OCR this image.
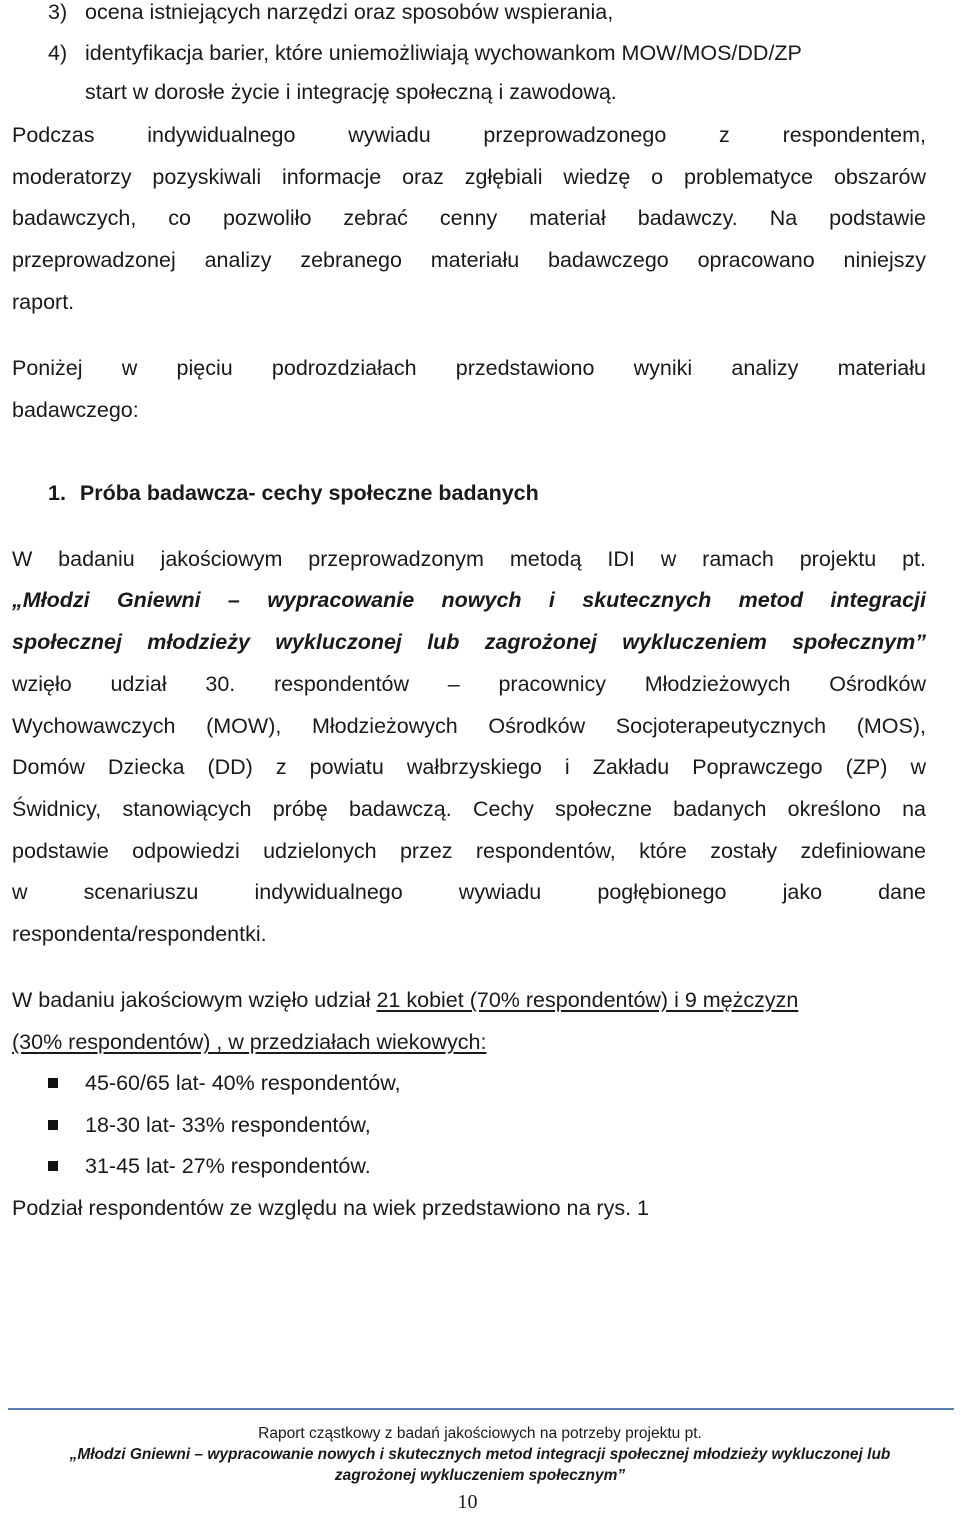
3) ocena istniejących narzędzi oraz sposobów wspierania,
4) identyfikacja barier, które uniemożliwiają wychowankom MOW/MOS/DD/ZP
start w dorosłe życie i integrację społeczną i zawodową.
Podczas indywidualnego wywiadu przeprowadzonego z respondentem,
moderatorzy pozyskiwali informacje oraz zgłębiali wiedzę o problematyce obszarów
badawczych, co pozwoliło zebrać cenny materiał badawczy. Na podstawie
przeprowadzonej analizy zebranego materiału badawczego opracowano niniejszy
raport.
Poniżej w pięciu podrozdziałach przedstawiono wyniki analizy materiału
badawczego:
1. Próba badawcza- cechy społeczne badanych
W badaniu jakościowym przeprowadzonym metodą IDI w ramach projektu pt.
„Młodzi Gniewni – wypracowanie nowych i skutecznych metod integracji
społecznej młodzieży wykluczonej lub zagrożonej wykluczeniem społecznym”
wzięło udział 30. respondentów – pracownicy Młodzieżowych Ośrodków
Wychowawczych (MOW), Młodzieżowych Ośrodków Socjoterapeutycznych (MOS),
Domów Dziecka (DD) z powiatu wałbrzyskiego i Zakładu Poprawczego (ZP) w
Świdnicy, stanowiących próbę badawczą. Cechy społeczne badanych określono na
podstawie odpowiedzi udzielonych przez respondentów, które zostały zdefiniowane
w scenariuszu indywidualnego wywiadu pogłębionego jako dane
respondenta/respondentki.
W badaniu jakościowym wzięło udział 21 kobiet (70% respondentów) i 9 mężczyzn
(30% respondentów) , w przedziałach wiekowych:
45-60/65 lat- 40% respondentów,
18-30 lat- 33% respondentów,
31-45 lat- 27% respondentów.
Podział respondentów ze względu na wiek przedstawiono na rys. 1
Raport cząstkowy z badań jakościowych na potrzeby projektu pt.
„Młodzi Gniewni – wypracowanie nowych i skutecznych metod integracji społecznej młodzieży wykluczonej lub
zagrożonej wykluczeniem społecznym”
10
